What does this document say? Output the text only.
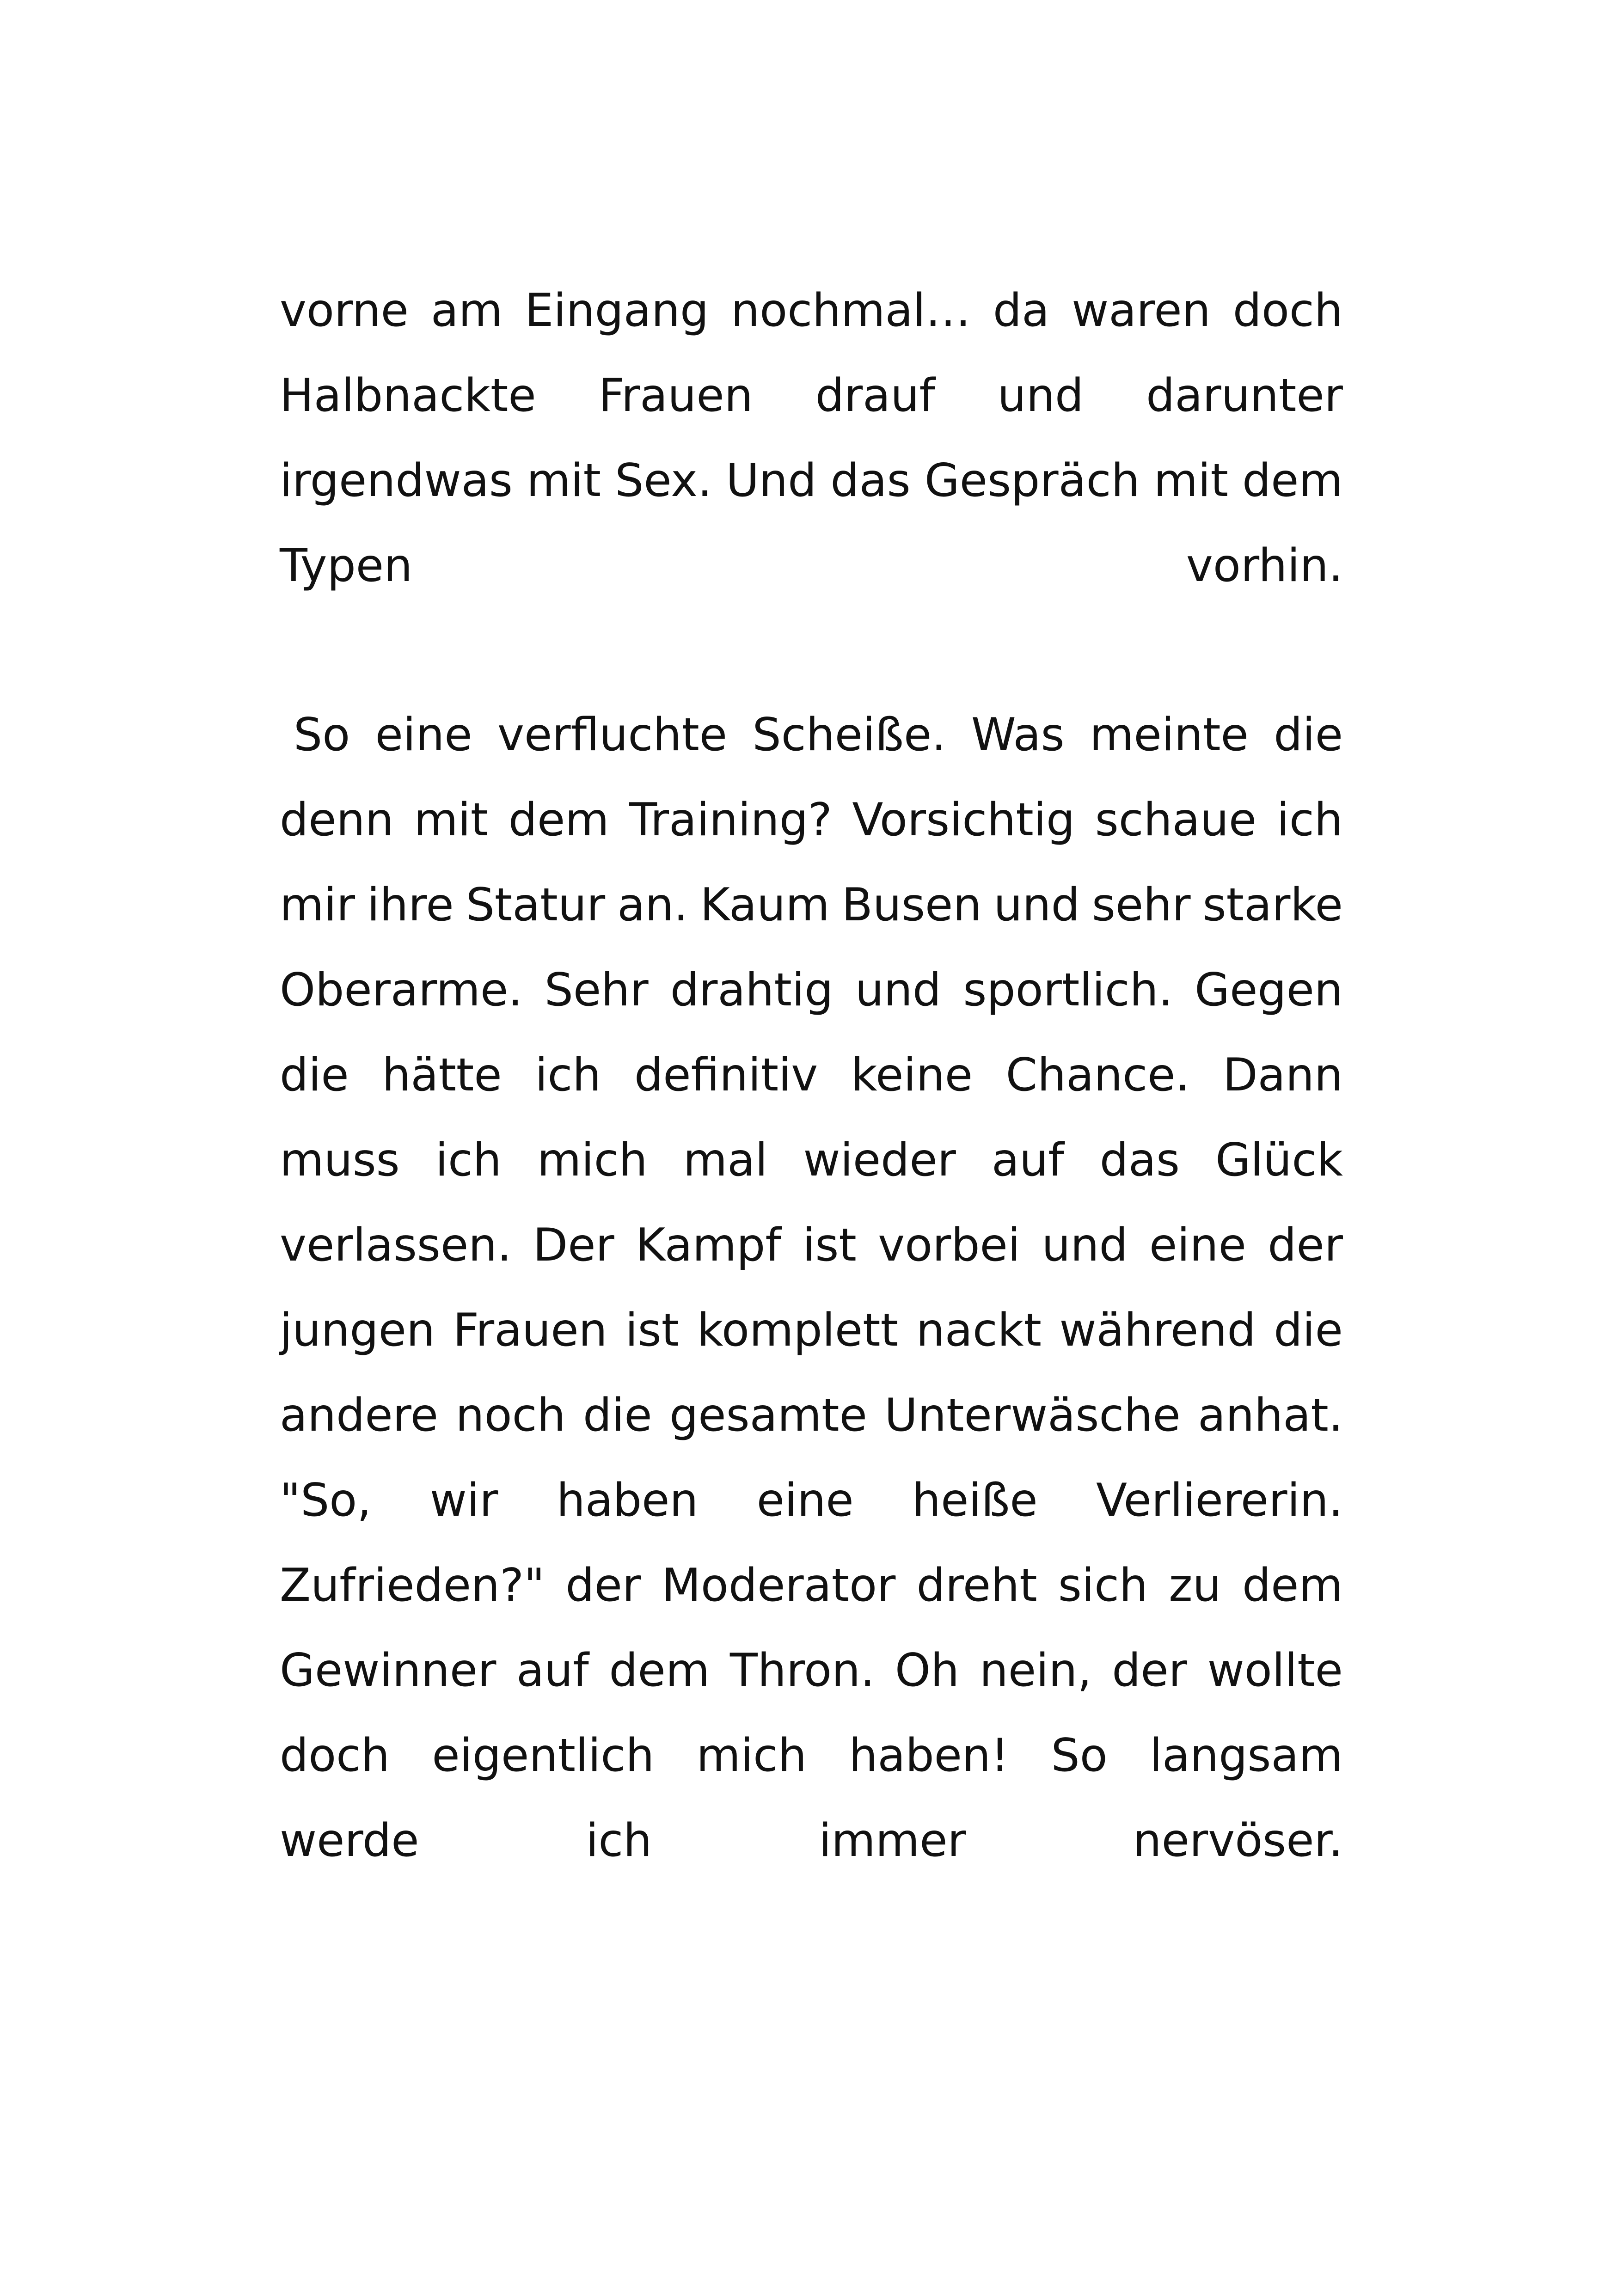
vorne am Eingang nochmal… da waren doch
Halbnackte Frauen drauf und darunter
irgendwas mit Sex. Und das Gespräch mit dem
Typen	vorhin.
So eine verfluchte Scheiße. Was meinte die
denn mit dem Training? Vorsichtig schaue ich
mir ihre Statur an. Kaum Busen und sehr starke
Oberarme. Sehr drahtig und sportlich. Gegen
die hätte ich definitiv keine Chance. Dann
muss ich mich mal wieder auf das Glück
verlassen. Der Kampf ist vorbei und eine der
jungen Frauen ist komplett nackt während die
andere noch die gesamte Unterwäsche anhat.
"So, wir haben eine heiße Verliererin.
Zufrieden?" der Moderator dreht sich zu dem
Gewinner auf dem Thron. Oh nein, der wollte
doch eigentlich mich haben! So langsam
werde	ich	immer	nervöser.
